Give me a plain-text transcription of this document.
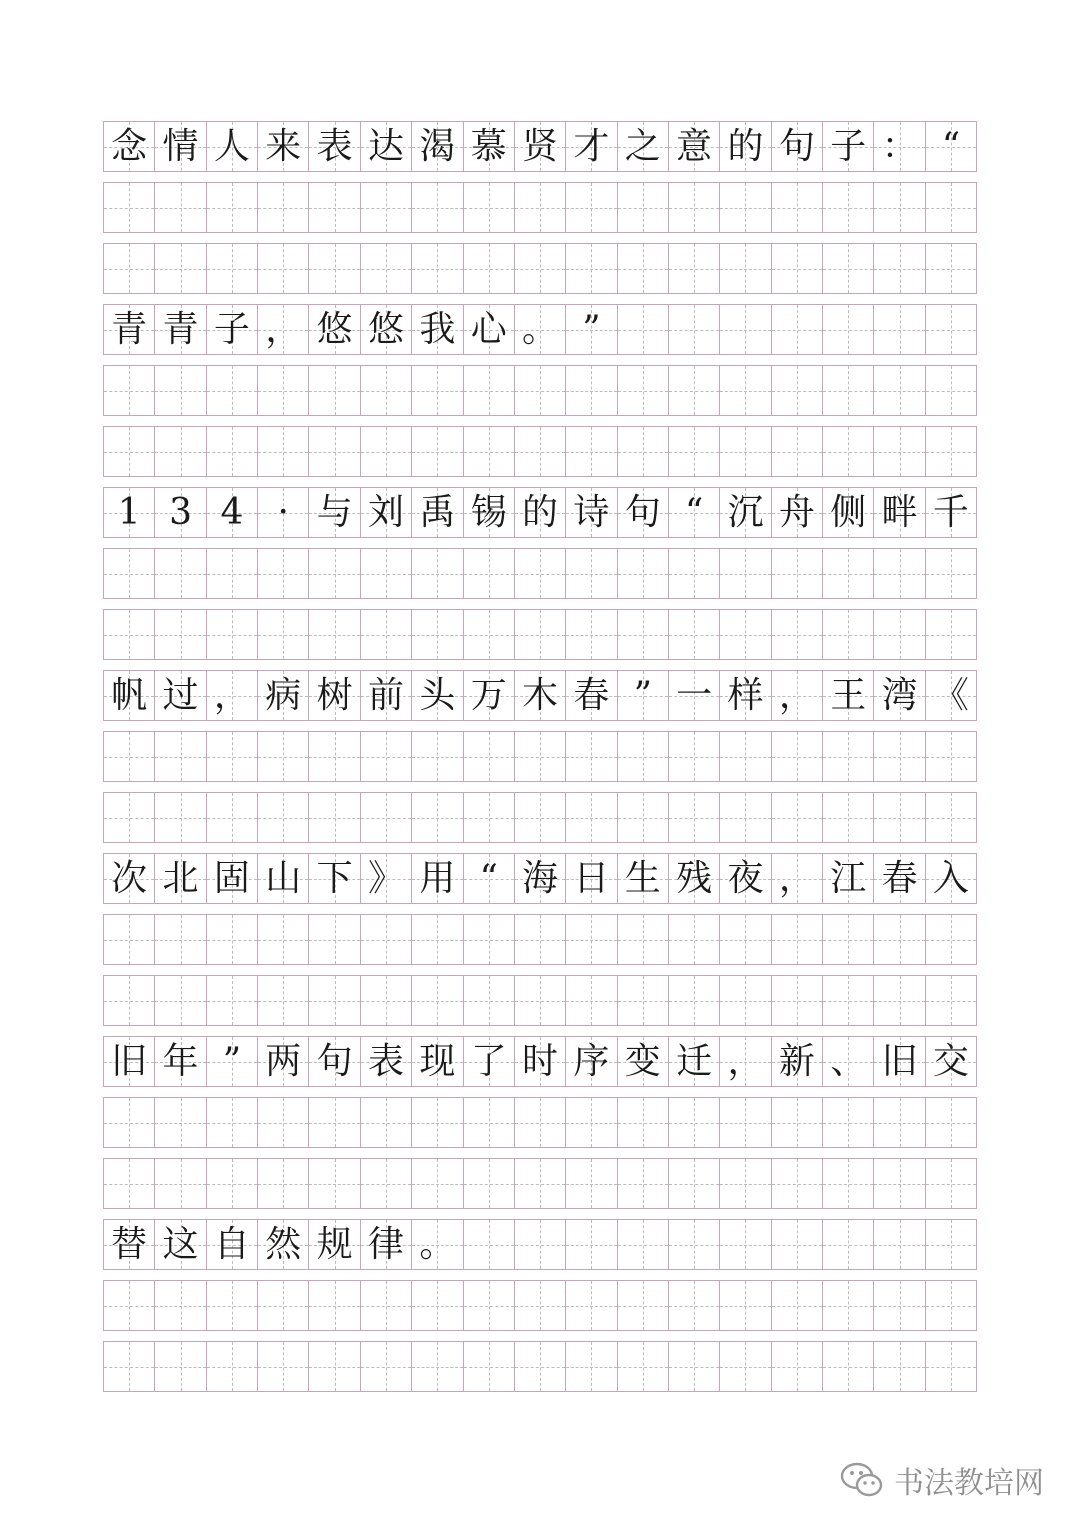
念 情 人 来 表 达 渴 慕 贤 才 之 意 的 句 子 ： “
青 青 子 ， 悠 悠 我 心 。 ”
1 3 4 · 与 刘 禹 锡 的 诗 句 “ 沉 舟 侧 畔 千
帆 过 ， 病 树 前 头 万 木 春 ” 一 样 ， 王 湾 《
次 北 固 山 下 》 用 “ 海 日 生 残 夜 ， 江 春 入
旧 年 ” 两 句 表 现 了 时 序 变 迁 ， 新 、 旧 交
替 这 自 然 规 律 。
书法教培网
